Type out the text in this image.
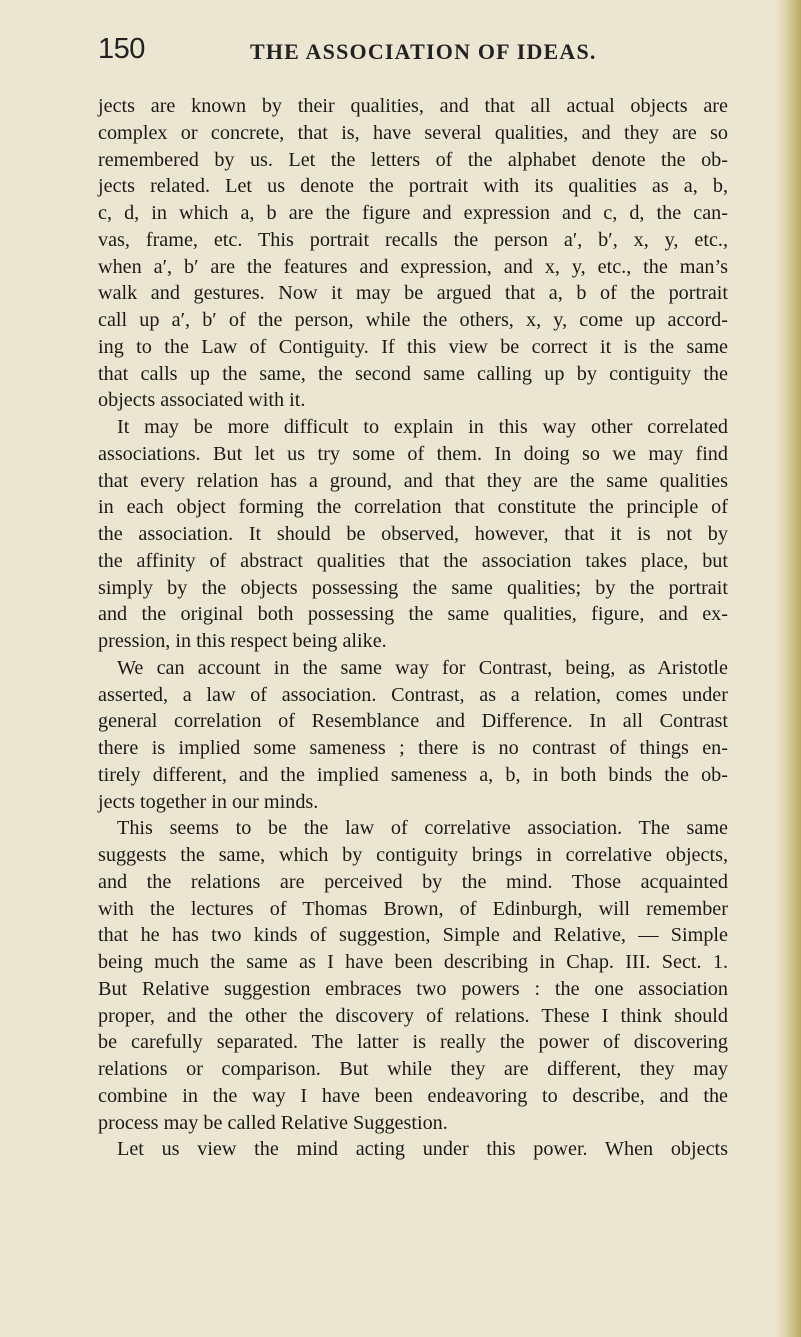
150	THE ASSOCIATION OF IDEAS.
jects are known by their qualities, and that all actual objects are
complex or concrete, that is, have several qualities, and they are so
remembered by us. Let the letters of the alphabet denote the ob-
jects related. Let us denote the portrait with its qualities as a, b,
c, d, in which a, b are the figure and expression and c, d, the can-
vas, frame, etc. This portrait recalls the person a′, b′, x, y, etc.,
when a′, b′ are the features and expression, and x, y, etc., the man’s
walk and gestures. Now it may be argued that a, b of the portrait
call up a′, b′ of the person, while the others, x, y, come up accord-
ing to the Law of Contiguity. If this view be correct it is the same
that calls up the same, the second same calling up by contiguity the
objects associated with it.
It may be more difficult to explain in this way other correlated
associations. But let us try some of them. In doing so we may find
that every relation has a ground, and that they are the same qualities
in each object forming the correlation that constitute the principle of
the association. It should be observed, however, that it is not by
the affinity of abstract qualities that the association takes place, but
simply by the objects possessing the same qualities; by the portrait
and the original both possessing the same qualities, figure, and ex-
pression, in this respect being alike.
We can account in the same way for Contrast, being, as Aristotle
asserted, a law of association. Contrast, as a relation, comes under
general correlation of Resemblance and Difference. In all Contrast
there is implied some sameness ; there is no contrast of things en-
tirely different, and the implied sameness a, b, in both binds the ob-
jects together in our minds.
This seems to be the law of correlative association. The same
suggests the same, which by contiguity brings in correlative objects,
and the relations are perceived by the mind. Those acquainted
with the lectures of Thomas Brown, of Edinburgh, will remember
that he has two kinds of suggestion, Simple and Relative, — Simple
being much the same as I have been describing in Chap. III. Sect. 1.
But Relative suggestion embraces two powers : the one association
proper, and the other the discovery of relations. These I think should
be carefully separated. The latter is really the power of discovering
relations or comparison. But while they are different, they may
combine in the way I have been endeavoring to describe, and the
process may be called Relative Suggestion.
Let us view the mind acting under this power. When objects
